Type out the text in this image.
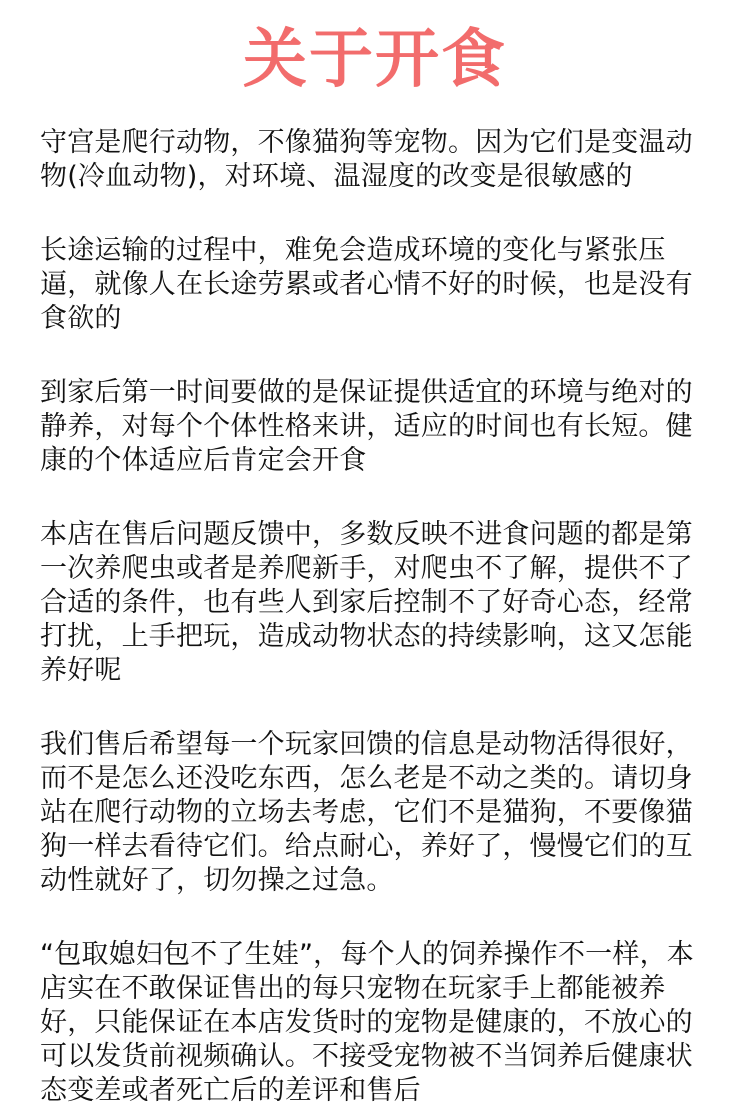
关于开食

守宫是爬行动物，不像猫狗等宠物。因为它们是变温动物(冷血动物)，对环境、温湿度的改变是很敏感的

长途运输的过程中，难免会造成环境的变化与紧张压逼，就像人在长途劳累或者心情不好的时候，也是没有食欲的

到家后第一时间要做的是保证提供适宜的环境与绝对的静养，对每个个体性格来讲，适应的时间也有长短。健康的个体适应后肯定会开食

本店在售后问题反馈中，多数反映不进食问题的都是第一次养爬虫或者是养爬新手，对爬虫不了解，提供不了合适的条件，也有些人到家后控制不了好奇心态，经常打扰，上手把玩，造成动物状态的持续影响，这又怎能养好呢

我们售后希望每一个玩家回馈的信息是动物活得很好，而不是怎么还没吃东西，怎么老是不动之类的。请切身站在爬行动物的立场去考虑，它们不是猫狗，不要像猫狗一样去看待它们。给点耐心，养好了，慢慢它们的互动性就好了，切勿操之过急。

“包取媳妇包不了生娃”，每个人的饲养操作不一样，本店实在不敢保证售出的每只宠物在玩家手上都能被养好，只能保证在本店发货时的宠物是健康的，不放心的可以发货前视频确认。不接受宠物被不当饲养后健康状态变差或者死亡后的差评和售后
